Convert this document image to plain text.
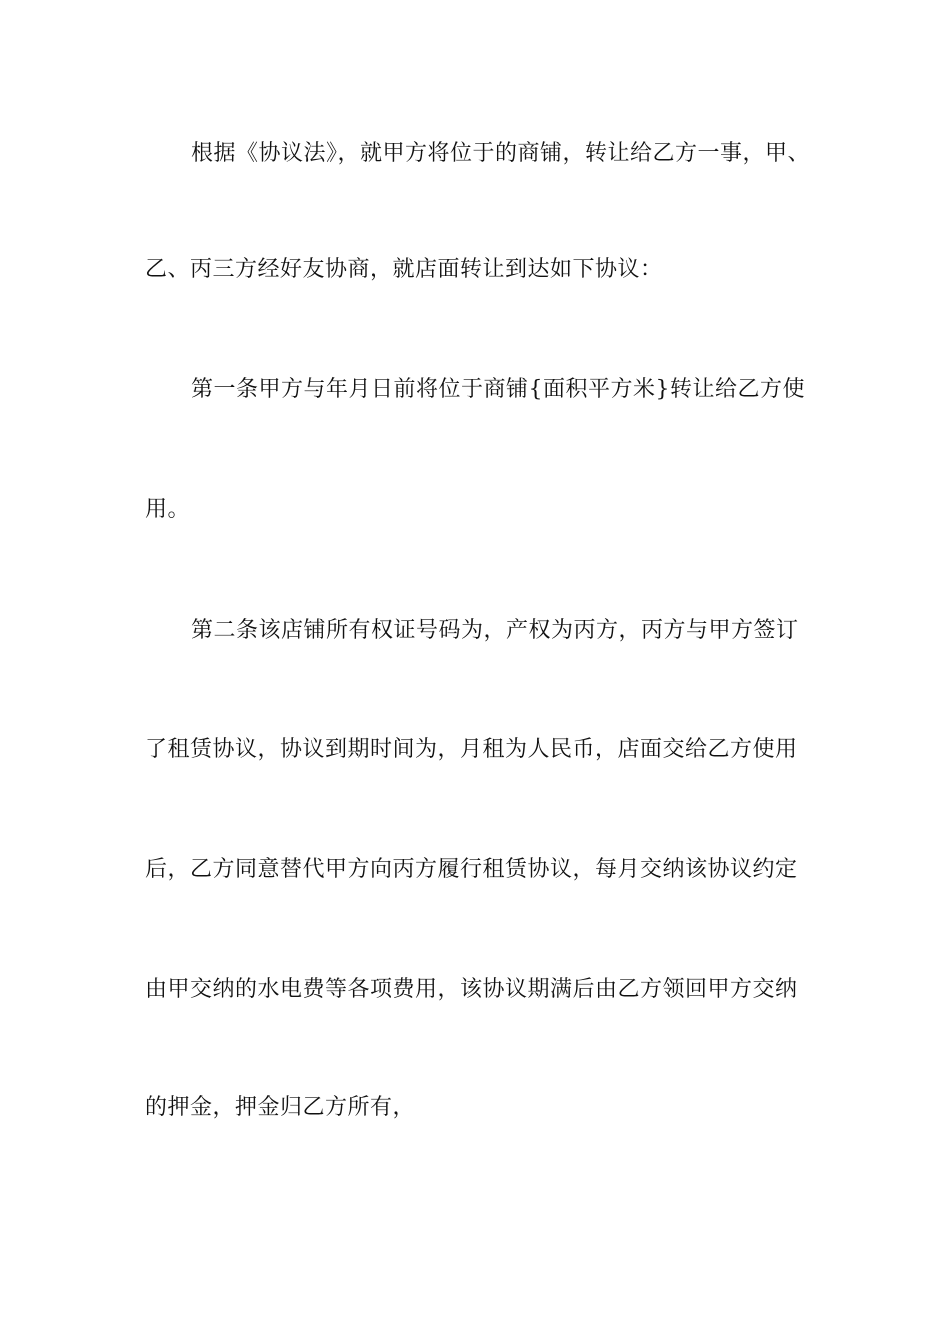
根据《协议法》，就甲方将位于的商铺，转让给乙方一事，甲、
乙、丙三方经好友协商，就店面转让到达如下协议：
第一条甲方与年月日前将位于商铺{面积平方米}转让给乙方使
用。
第二条该店铺所有权证号码为，产权为丙方，丙方与甲方签订
了租赁协议，协议到期时间为，月租为人民币，店面交给乙方使用
后，乙方同意替代甲方向丙方履行租赁协议，每月交纳该协议约定
由甲交纳的水电费等各项费用，该协议期满后由乙方领回甲方交纳
的押金，押金归乙方所有，
